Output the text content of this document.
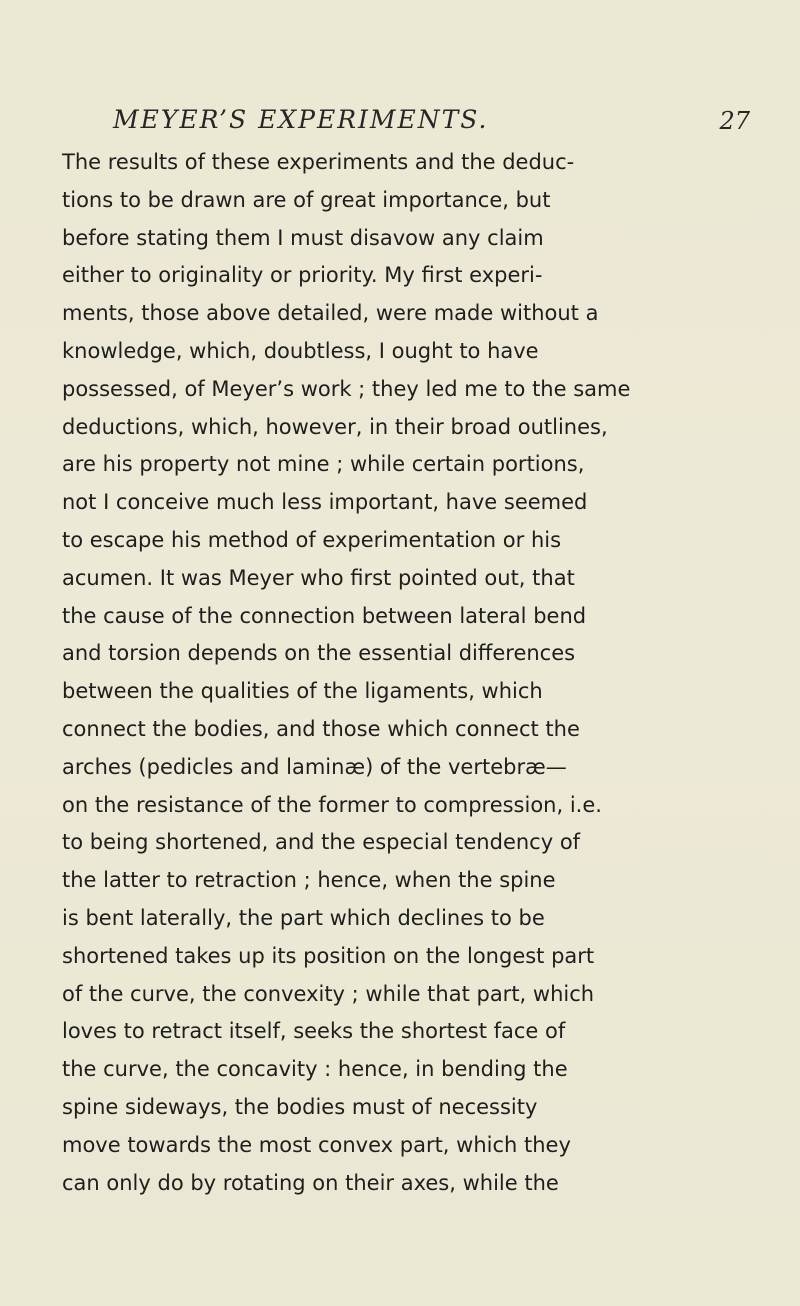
MEYER’S EXPERIMENTS.	27

The results of these experiments and the deduc-
tions to be drawn are of great importance, but
before stating them I must disavow any claim
either to originality or priority. My first experi-
ments, those above detailed, were made without a
knowledge, which, doubtless, I ought to have
possessed, of Meyer’s work ; they led me to the same
deductions, which, however, in their broad outlines,
are his property not mine ; while certain portions,
not I conceive much less important, have seemed
to escape his method of experimentation or his
acumen. It was Meyer who first pointed out, that
the cause of the connection between lateral bend
and torsion depends on the essential differences
between the qualities of the ligaments, which
connect the bodies, and those which connect the
arches (pedicles and laminæ) of the vertebræ—
on the resistance of the former to compression, i.e.
to being shortened, and the especial tendency of
the latter to retraction ; hence, when the spine
is bent laterally, the part which declines to be
shortened takes up its position on the longest part
of the curve, the convexity ; while that part, which
loves to retract itself, seeks the shortest face of
the curve, the concavity : hence, in bending the
spine sideways, the bodies must of necessity
move towards the most convex part, which they
can only do by rotating on their axes, while the
